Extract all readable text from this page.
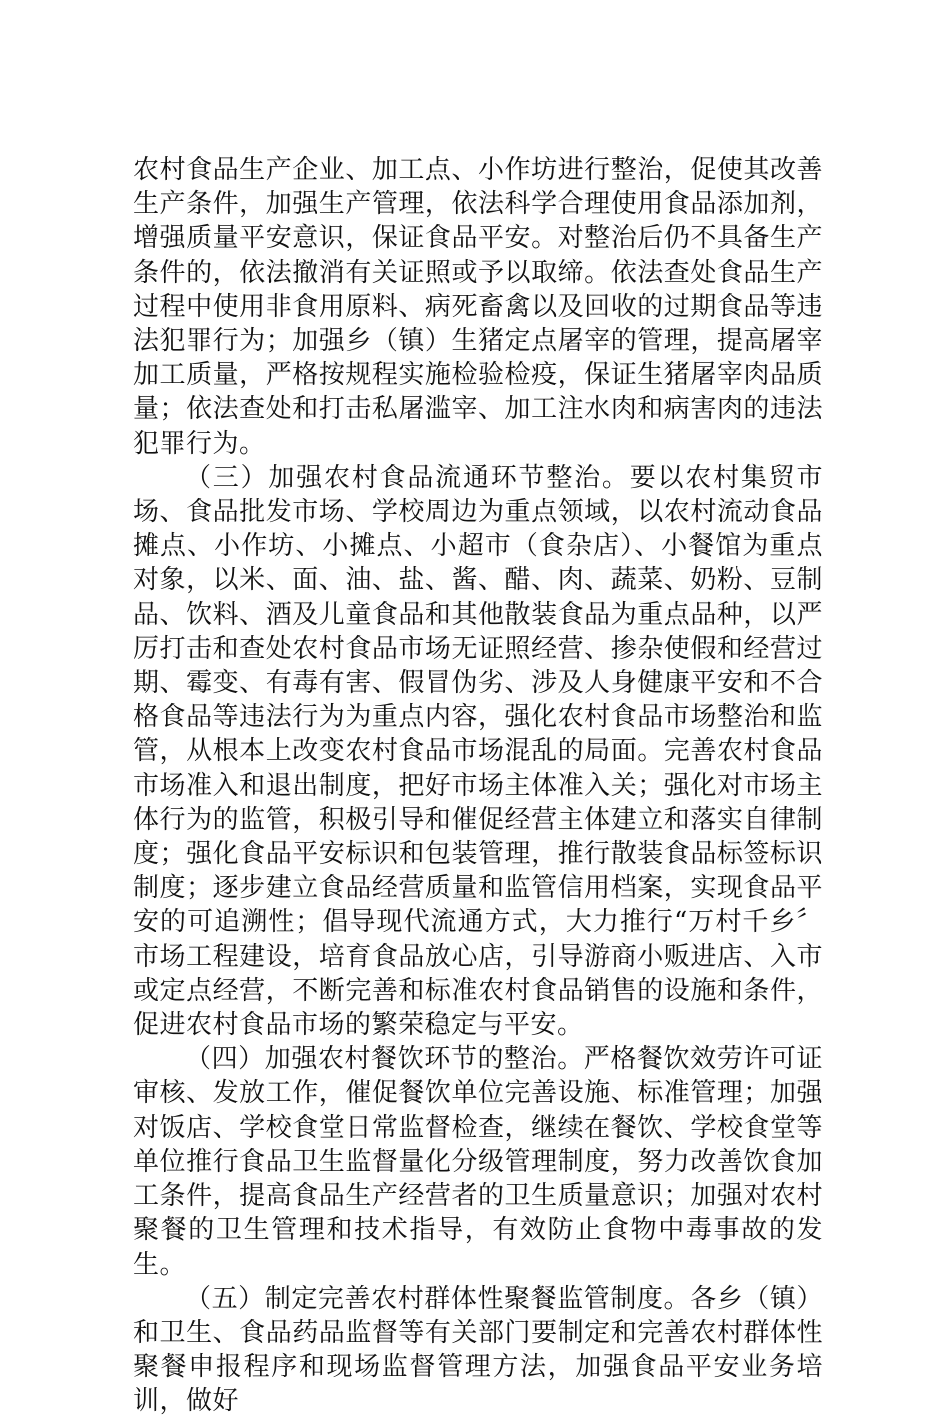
农村食品生产企业、加工点、小作坊进行整治，促使其改善生产条件，加强生产管理，依法科学合理使用食品添加剂，增强质量平安意识，保证食品平安。对整治后仍不具备生产条件的，依法撤消有关证照或予以取缔。依法查处食品生产过程中使用非食用原料、病死畜禽以及回收的过期食品等违法犯罪行为；加强乡（镇）生猪定点屠宰的管理，提高屠宰加工质量，严格按规程实施检验检疫，保证生猪屠宰肉品质量；依法查处和打击私屠滥宰、加工注水肉和病害肉的违法犯罪行为。

（三）加强农村食品流通环节整治。要以农村集贸市场、食品批发市场、学校周边为重点领域，以农村流动食品摊点、小作坊、小摊点、小超市（食杂店）、小餐馆为重点对象，以米、面、油、盐、酱、醋、肉、蔬菜、奶粉、豆制品、饮料、酒及儿童食品和其他散装食品为重点品种，以严厉打击和查处农村食品市场无证照经营、掺杂使假和经营过期、霉变、有毒有害、假冒伪劣、涉及人身健康平安和不合格食品等违法行为为重点内容，强化农村食品市场整治和监管，从根本上改变农村食品市场混乱的局面。完善农村食品市场准入和退出制度，把好市场主体准入关；强化对市场主体行为的监管，积极引导和催促经营主体建立和落实自律制度；强化食品平安标识和包装管理，推行散装食品标签标识制度；逐步建立食品经营质量和监管信用档案，实现食品平安的可追溯性；倡导现代流通方式，大力推行“万村千乡〞市场工程建设，培育食品放心店，引导游商小贩进店、入市或定点经营，不断完善和标准农村食品销售的设施和条件，促进农村食品市场的繁荣稳定与平安。

（四）加强农村餐饮环节的整治。严格餐饮效劳许可证审核、发放工作，催促餐饮单位完善设施、标准管理；加强对饭店、学校食堂日常监督检查，继续在餐饮、学校食堂等单位推行食品卫生监督量化分级管理制度，努力改善饮食加工条件，提高食品生产经营者的卫生质量意识；加强对农村聚餐的卫生管理和技术指导，有效防止食物中毒事故的发生。

（五）制定完善农村群体性聚餐监管制度。各乡（镇）和卫生、食品药品监督等有关部门要制定和完善农村群体性聚餐申报程序和现场监督管理方法，加强食品平安业务培训，做好
